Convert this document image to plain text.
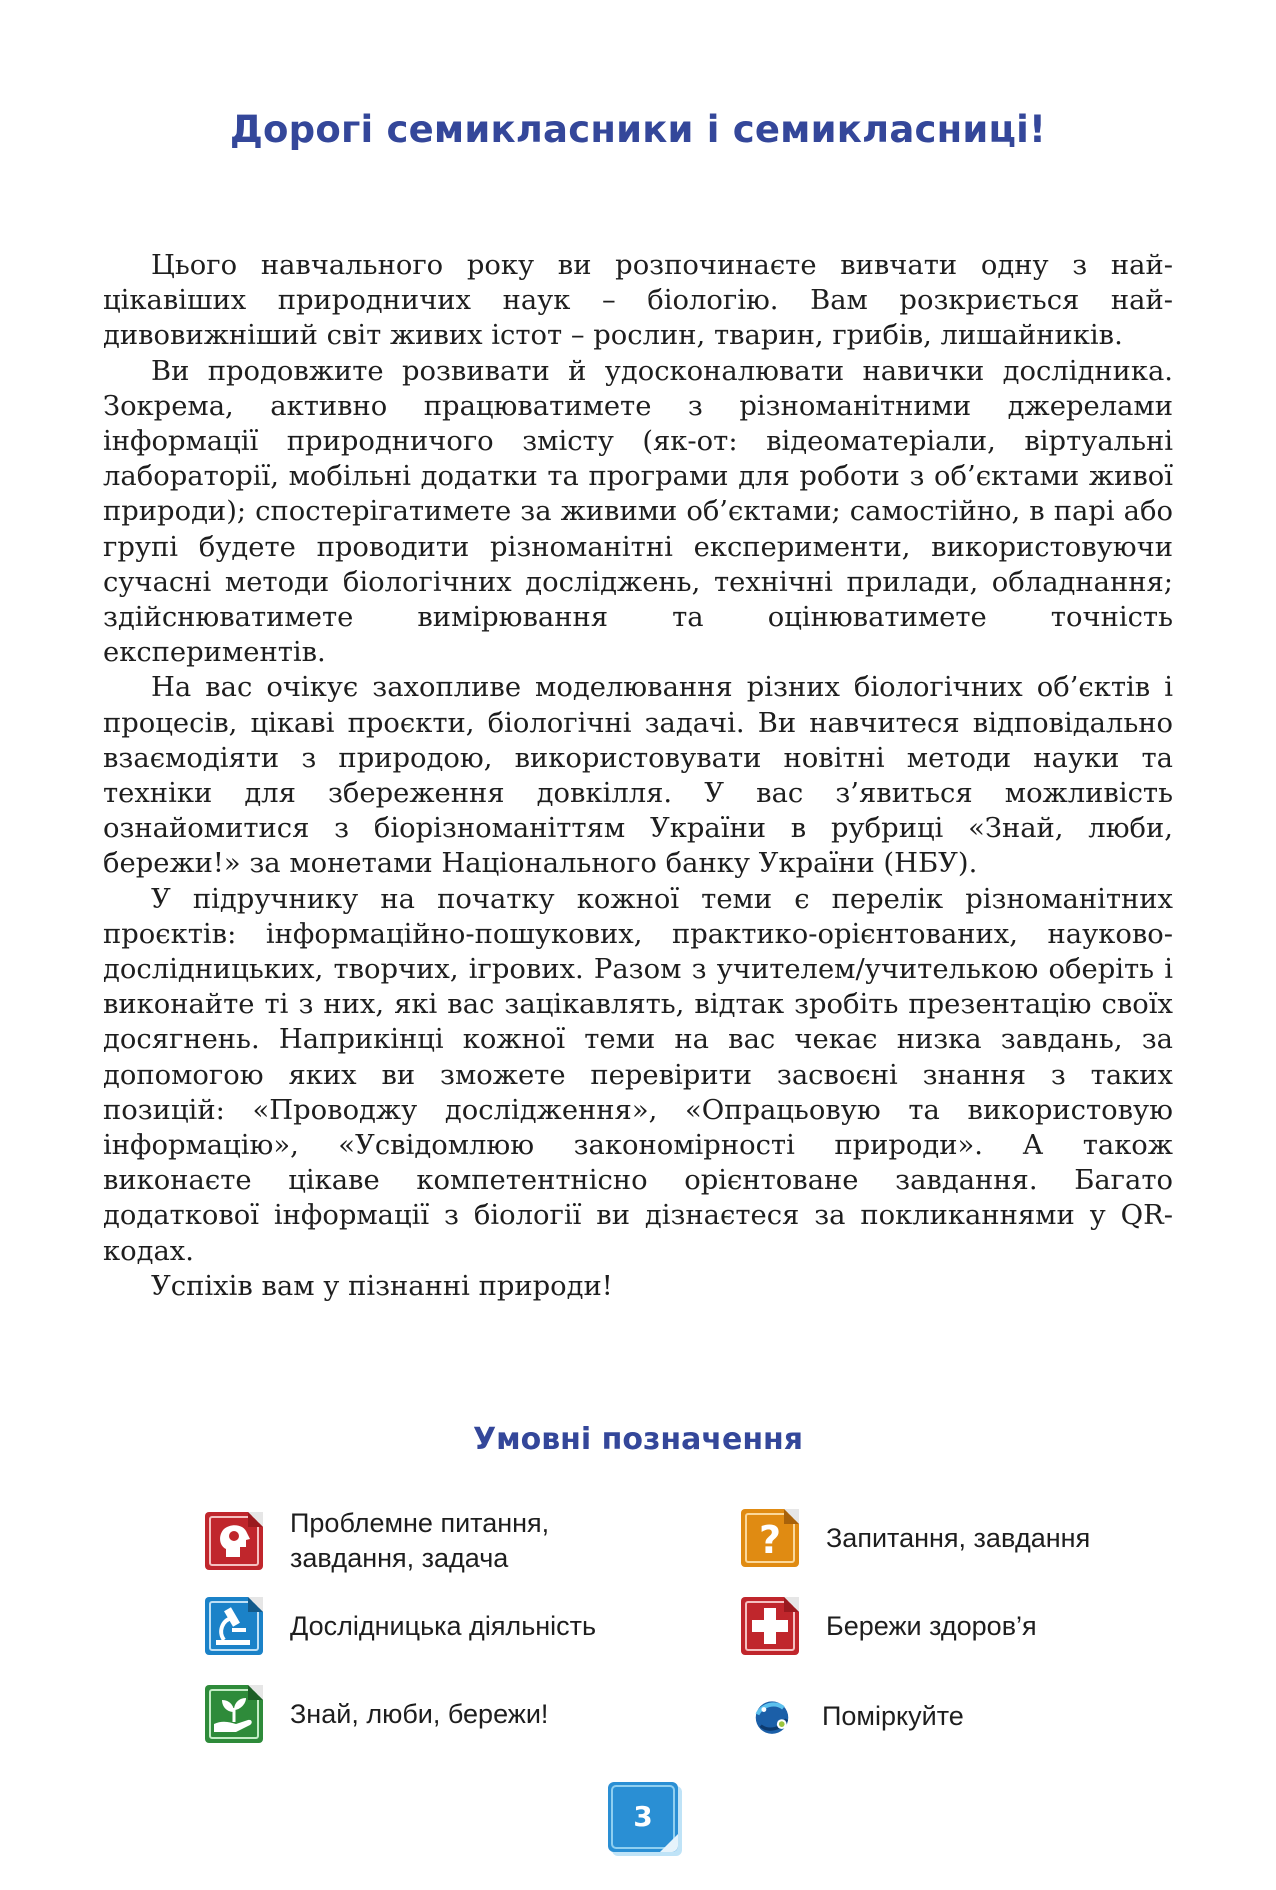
Дорогі семикласники і семикласниці!

Цього навчального року ви розпочинаєте вивчати одну з найцікавіших природничих наук – біологію. Вам розкриється найдивовижніший світ живих істот – рослин, тварин, грибів, лишайників.

Ви продовжите розвивати й удосконалювати навички дослідника. Зокрема, активно працюватимете з різноманітними джерелами інформації природничого змісту (як-от: відеоматеріали, віртуальні лабораторії, мобільні додатки та програми для роботи з об’єктами живої природи); спостерігатимете за живими об’єктами; самостійно, в парі або групі будете проводити різноманітні експерименти, використовуючи сучасні методи біологічних досліджень, технічні прилади, обладнання; здійснюватимете вимірювання та оцінюватимете точність експериментів.

На вас очікує захопливе моделювання різних біологічних об’єктів і процесів, цікаві проєкти, біологічні задачі. Ви навчитеся відповідально взаємодіяти з природою, використовувати новітні методи науки та техніки для збереження довкілля. У вас з’явиться можливість ознайомитися з біорізноманіттям України в рубриці «Знай, люби, бережи!» за монетами Національного банку України (НБУ).

У підручнику на початку кожної теми є перелік різноманітних проєктів: інформаційно-пошукових, практико-орієнтованих, науково-дослідницьких, творчих, ігрових. Разом з учителем/учителькою оберіть і виконайте ті з них, які вас зацікавлять, відтак зробіть презентацію своїх досягнень. Наприкінці кожної теми на вас чекає низка завдань, за допомогою яких ви зможете перевірити засвоєні знання з таких позицій: «Проводжу дослідження», «Опрацьовую та використовую інформацію», «Усвідомлюю закономірності природи». А також виконаєте цікаве компетентнісно орієнтоване завдання. Багато додаткової інформації з біології ви дізнаєтеся за покликаннями у QR-кодах.

Успіхів вам у пізнанні природи!

Умовні позначення
Проблемне питання,
завдання, задача	? Запитання, завдання
Дослідницька діяльність	Бережи здоров’я
Знай, люби, бережи!	Поміркуйте
3
